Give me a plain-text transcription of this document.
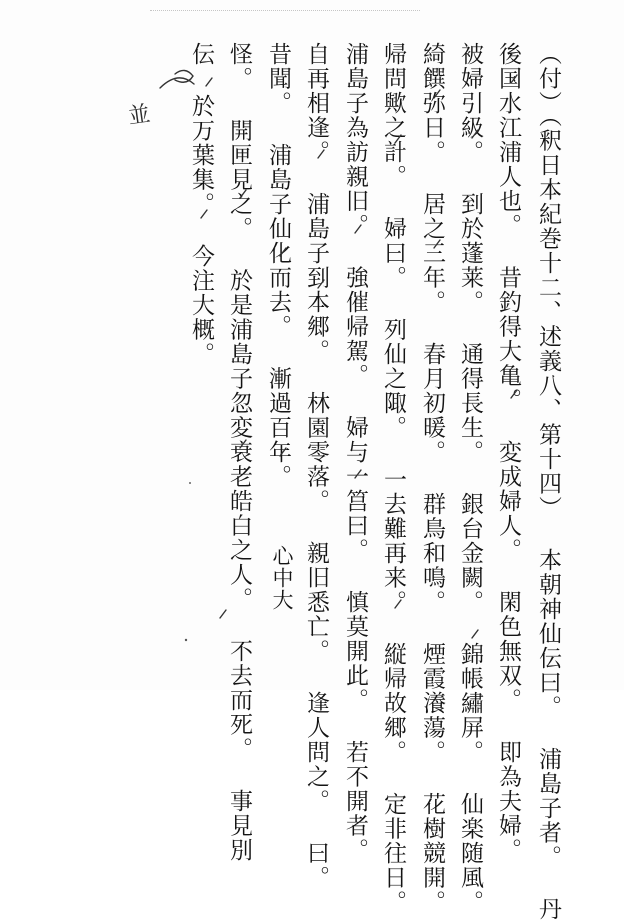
（付）（釈日本紀巻十二、述義八、第十四） 本朝神仙伝曰。 浦島子者。 丹
後国水江浦人也。 昔釣得大亀。 変成婦人。 閑色無双。 即為夫婦。
被婦引級。 到於蓬莱。 通得長生。 銀台金闕。 錦帳繡屏。 仙楽随風。
綺饌弥日。 居之三年。 春月初暖。 群鳥和鳴。 煙霞瀁蕩。 花樹競開。
帰問歟之計。 婦曰。 列仙之陬。 一去難再来。 縦帰故郷。 定非往日。
浦島子為訪親旧。 強催帰駕。 婦与一筥曰。 慎莫開此。 若不開者。
自再相逢。 浦島子到本郷。 林園零落。 親旧悉亡。 逢人問之。 曰。
昔聞。 浦島子仙化而去。 漸過百年。
怪。 開匣見之。 於是浦島子忽変衰老皓白之人。 不去而死。 事見別
伝 於万葉集。 今注大概。
心中大
並
